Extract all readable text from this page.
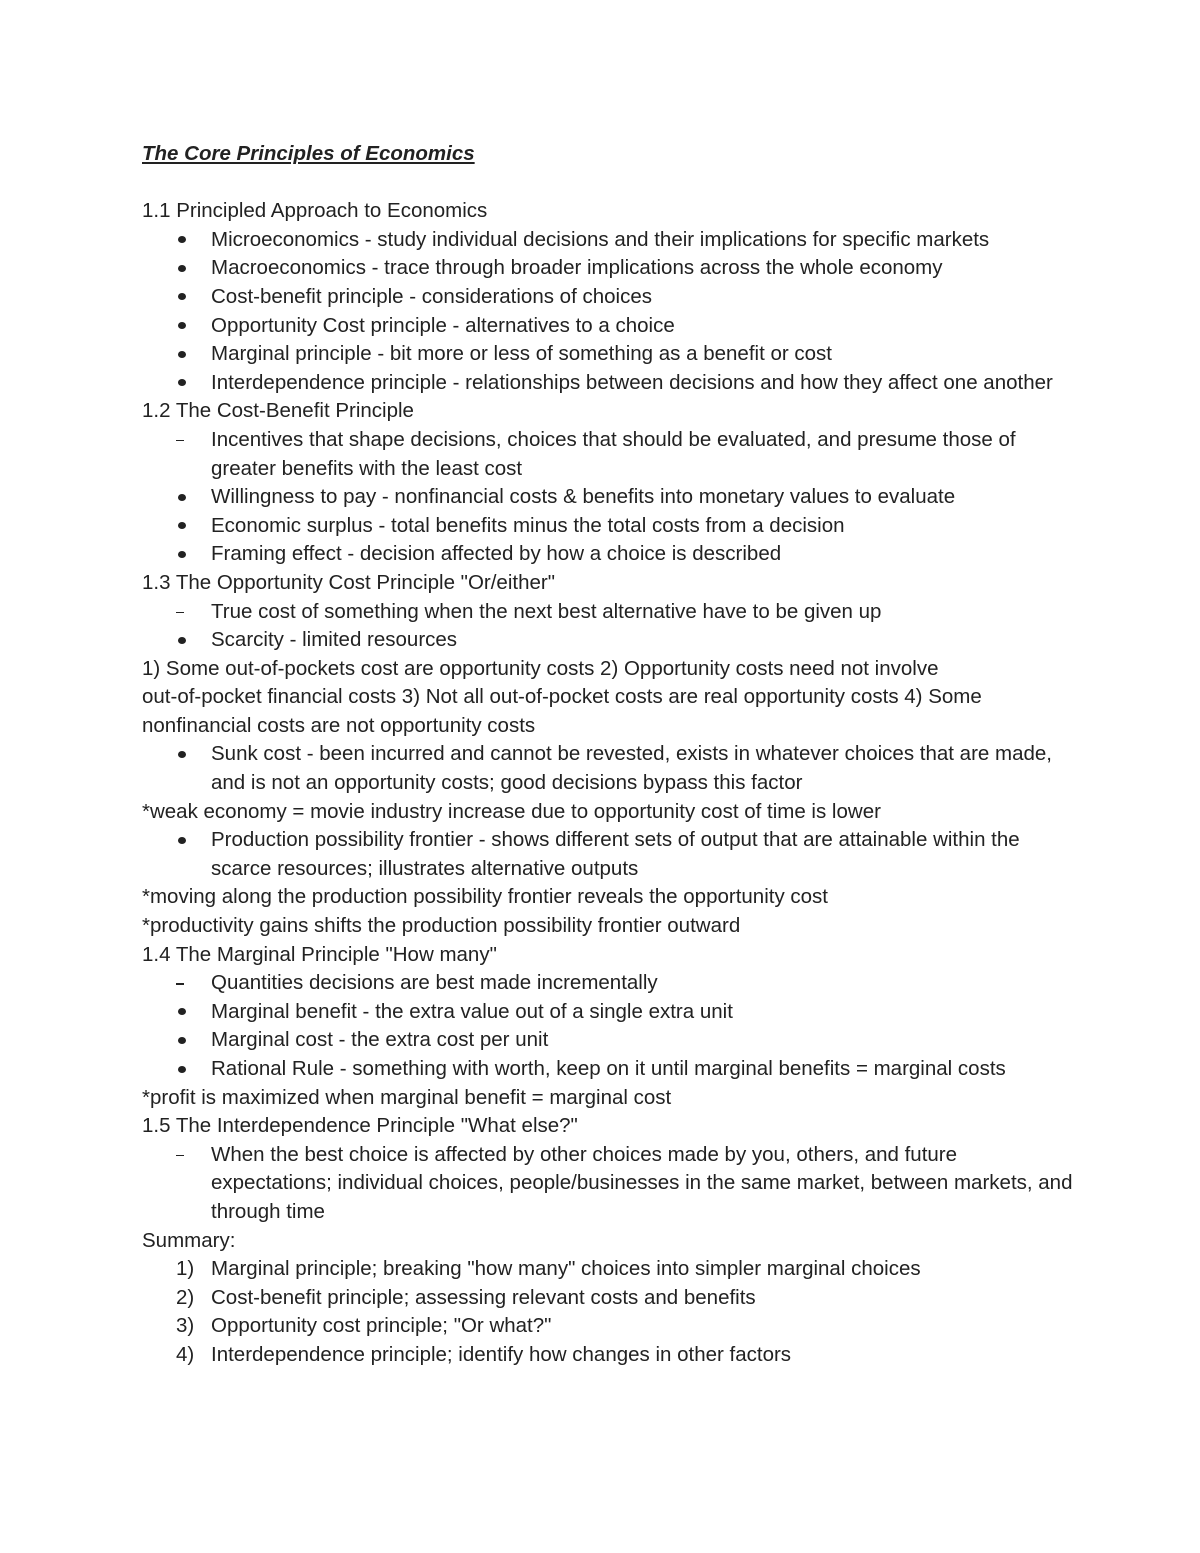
The Core Principles of Economics
1.1 Principled Approach to Economics
Microeconomics - study individual decisions and their implications for specific markets
Macroeconomics - trace through broader implications across the whole economy
Cost-benefit principle - considerations of choices
Opportunity Cost principle - alternatives to a choice
Marginal principle - bit more or less of something as a benefit or cost
Interdependence principle - relationships between decisions and how they affect one another
1.2 The Cost-Benefit Principle
Incentives that shape decisions, choices that should be evaluated, and presume those of greater benefits with the least cost
Willingness to pay - nonfinancial costs & benefits into monetary values to evaluate
Economic surplus - total benefits minus the total costs from a decision
Framing effect - decision affected by how a choice is described
1.3 The Opportunity Cost Principle "Or/either"
True cost of something when the next best alternative have to be given up
Scarcity - limited resources
1) Some out-of-pockets cost are opportunity costs 2) Opportunity costs need not involve
out-of-pocket financial costs 3) Not all out-of-pocket costs are real opportunity costs 4) Some
nonfinancial costs are not opportunity costs
Sunk cost - been incurred and cannot be revested, exists in whatever choices that are made, and is not an opportunity costs; good decisions bypass this factor
*weak economy = movie industry increase due to opportunity cost of time is lower
Production possibility frontier - shows different sets of output that are attainable within the scarce resources; illustrates alternative outputs
*moving along the production possibility frontier reveals the opportunity cost
*productivity gains shifts the production possibility frontier outward
1.4 The Marginal Principle "How many"
Quantities decisions are best made incrementally
Marginal benefit - the extra value out of a single extra unit
Marginal cost - the extra cost per unit
Rational Rule - something with worth, keep on it until marginal benefits = marginal costs
*profit is maximized when marginal benefit = marginal cost
1.5 The Interdependence Principle "What else?"
When the best choice is affected by other choices made by you, others, and future expectations; individual choices, people/businesses in the same market, between markets, and through time
Summary:
1) Marginal principle; breaking "how many" choices into simpler marginal choices
2) Cost-benefit principle; assessing relevant costs and benefits
3) Opportunity cost principle; "Or what?"
4) Interdependence principle; identify how changes in other factors
